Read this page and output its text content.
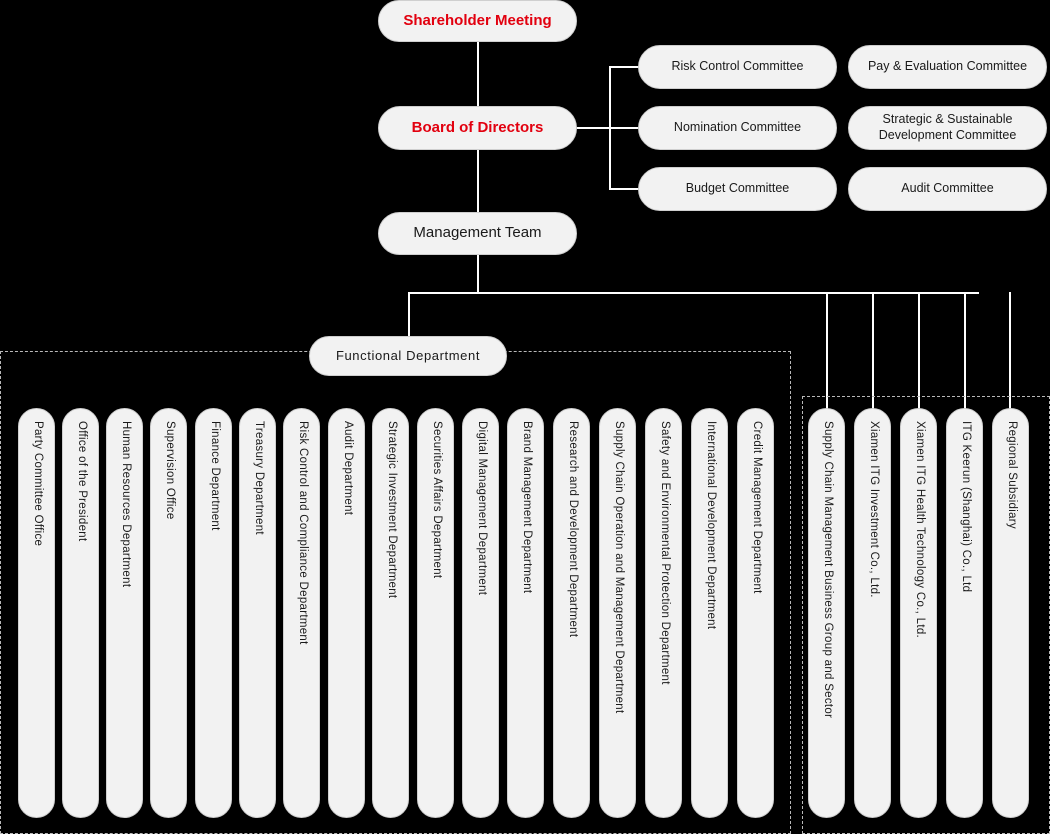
Shareholder Meeting
Board of Directors
Management Team
Risk Control Committee	Pay & Evaluation Committee
Nomination Committee
Strategic & Sustainable Development Committee
Budget Committee	Audit Committee
Functional Department
Party Committee Office	Office of the President	Human Resources Department	Supervision Office	Finance Department	Treasury Department	Risk Control and Compliance Department	Audit Department	Strategic Investment Department	Securities Affairs Department	Digital Management Department	Brand Management Department	Research and Development Department	Supply Chain Operation and Management Department	Safety and Environmental Protection Department	International Development Department	Credit Management Department	Supply Chain Management Business Group and Sector	Xiamen ITG Investment Co., Ltd.	Xiamen ITG Health Technology Co., Ltd.	ITG Keerun (Shanghai) Co., Ltd	Regional Subsidiary
